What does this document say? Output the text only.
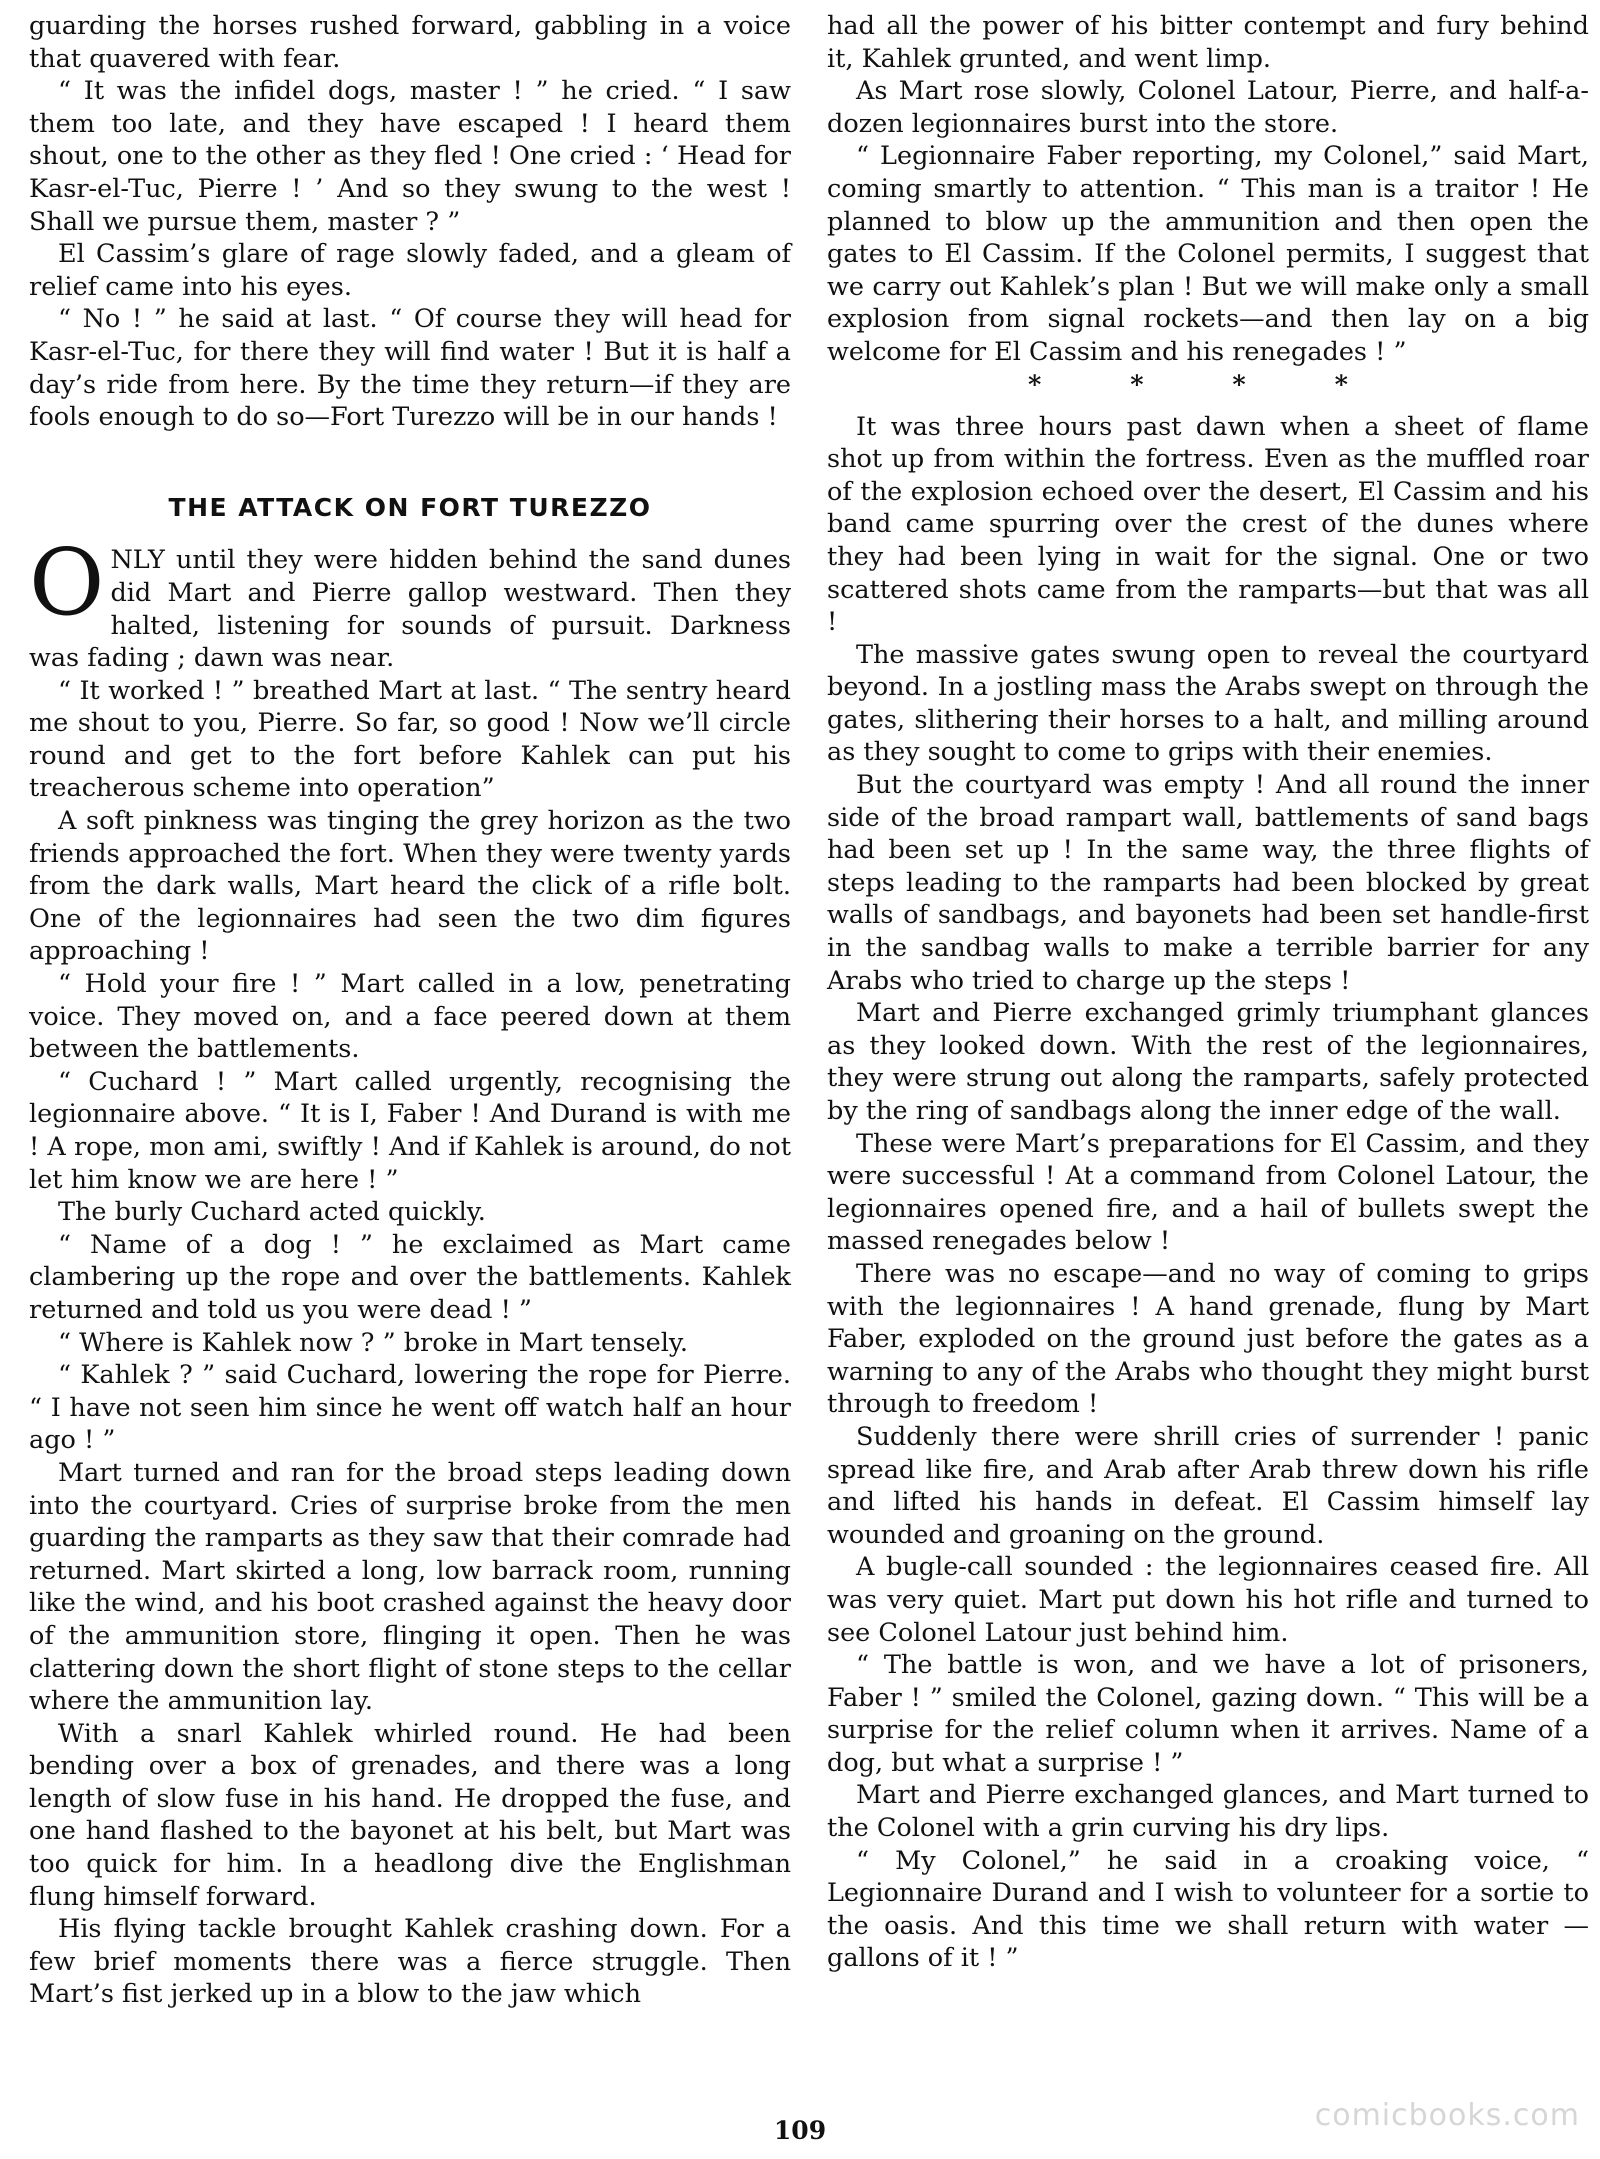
guarding the horses rushed forward, gabbling in a voice that quavered with fear.

“ It was the infidel dogs, master ! ” he cried. “ I saw them too late, and they have escaped ! I heard them shout, one to the other as they fled ! One cried : ‘ Head for Kasr-el-Tuc, Pierre ! ’ And so they swung to the west ! Shall we pursue them, master ? ”

El Cassim’s glare of rage slowly faded, and a gleam of relief came into his eyes.

“ No ! ” he said at last. “ Of course they will head for Kasr-el-Tuc, for there they will find water ! But it is half a day’s ride from here. By the time they return—if they are fools enough to do so—Fort Turezzo will be in our hands !

THE ATTACK ON FORT TUREZZO

ONLY until they were hidden behind the sand dunes did Mart and Pierre gallop westward. Then they halted, listening for sounds of pursuit. Darkness was fading ; dawn was near.

“ It worked ! ” breathed Mart at last. “ The sentry heard me shout to you, Pierre. So far, so good ! Now we’ll circle round and get to the fort before Kahlek can put his treacherous scheme into operation”

A soft pinkness was tinging the grey horizon as the two friends approached the fort. When they were twenty yards from the dark walls, Mart heard the click of a rifle bolt. One of the legionnaires had seen the two dim figures approaching !

“ Hold your fire ! ” Mart called in a low, penetrating voice. They moved on, and a face peered down at them between the battlements.

“ Cuchard ! ” Mart called urgently, recognising the legionnaire above. “ It is I, Faber ! And Durand is with me ! A rope, mon ami, swiftly ! And if Kahlek is around, do not let him know we are here ! ”

The burly Cuchard acted quickly.

“ Name of a dog ! ” he exclaimed as Mart came clambering up the rope and over the battlements. Kahlek returned and told us you were dead ! ”

“ Where is Kahlek now ? ” broke in Mart tensely.

“ Kahlek ? ” said Cuchard, lowering the rope for Pierre. “ I have not seen him since he went off watch half an hour ago ! ”

Mart turned and ran for the broad steps leading down into the courtyard. Cries of surprise broke from the men guarding the ramparts as they saw that their comrade had returned. Mart skirted a long, low barrack room, running like the wind, and his boot crashed against the heavy door of the ammunition store, flinging it open. Then he was clattering down the short flight of stone steps to the cellar where the ammunition lay.

With a snarl Kahlek whirled round. He had been bending over a box of grenades, and there was a long length of slow fuse in his hand. He dropped the fuse, and one hand flashed to the bayonet at his belt, but Mart was too quick for him. In a headlong dive the Englishman flung himself forward.

His flying tackle brought Kahlek crashing down. For a few brief moments there was a fierce struggle. Then Mart’s fist jerked up in a blow to the jaw which

had all the power of his bitter contempt and fury behind it, Kahlek grunted, and went limp.

As Mart rose slowly, Colonel Latour, Pierre, and half-a-dozen legionnaires burst into the store.

“ Legionnaire Faber reporting, my Colonel,” said Mart, coming smartly to attention. “ This man is a traitor ! He planned to blow up the ammunition and then open the gates to El Cassim. If the Colonel permits, I suggest that we carry out Kahlek’s plan ! But we will make only a small explosion from signal rockets—and then lay on a big welcome for El Cassim and his renegades ! ”

* * * *

It was three hours past dawn when a sheet of flame shot up from within the fortress. Even as the muffled roar of the explosion echoed over the desert, El Cassim and his band came spurring over the crest of the dunes where they had been lying in wait for the signal. One or two scattered shots came from the ramparts—but that was all !

The massive gates swung open to reveal the courtyard beyond. In a jostling mass the Arabs swept on through the gates, slithering their horses to a halt, and milling around as they sought to come to grips with their enemies.

But the courtyard was empty ! And all round the inner side of the broad rampart wall, battlements of sand bags had been set up ! In the same way, the three flights of steps leading to the ramparts had been blocked by great walls of sandbags, and bayonets had been set handle-first in the sandbag walls to make a terrible barrier for any Arabs who tried to charge up the steps !

Mart and Pierre exchanged grimly triumphant glances as they looked down. With the rest of the legionnaires, they were strung out along the ramparts, safely protected by the ring of sandbags along the inner edge of the wall.

These were Mart’s preparations for El Cassim, and they were successful ! At a command from Colonel Latour, the legionnaires opened fire, and a hail of bullets swept the massed renegades below !

There was no escape—and no way of coming to grips with the legionnaires ! A hand grenade, flung by Mart Faber, exploded on the ground just before the gates as a warning to any of the Arabs who thought they might burst through to freedom !

Suddenly there were shrill cries of surrender ! panic spread like fire, and Arab after Arab threw down his rifle and lifted his hands in defeat. El Cassim himself lay wounded and groaning on the ground.

A bugle-call sounded : the legionnaires ceased fire. All was very quiet. Mart put down his hot rifle and turned to see Colonel Latour just behind him.

“ The battle is won, and we have a lot of prisoners, Faber ! ” smiled the Colonel, gazing down. “ This will be a surprise for the relief column when it arrives. Name of a dog, but what a surprise ! ”

Mart and Pierre exchanged glances, and Mart turned to the Colonel with a grin curving his dry lips.

“ My Colonel,” he said in a croaking voice, “ Legionnaire Durand and I wish to volunteer for a sortie to the oasis. And this time we shall return with water —gallons of it ! ”

109	comicbooks.com
